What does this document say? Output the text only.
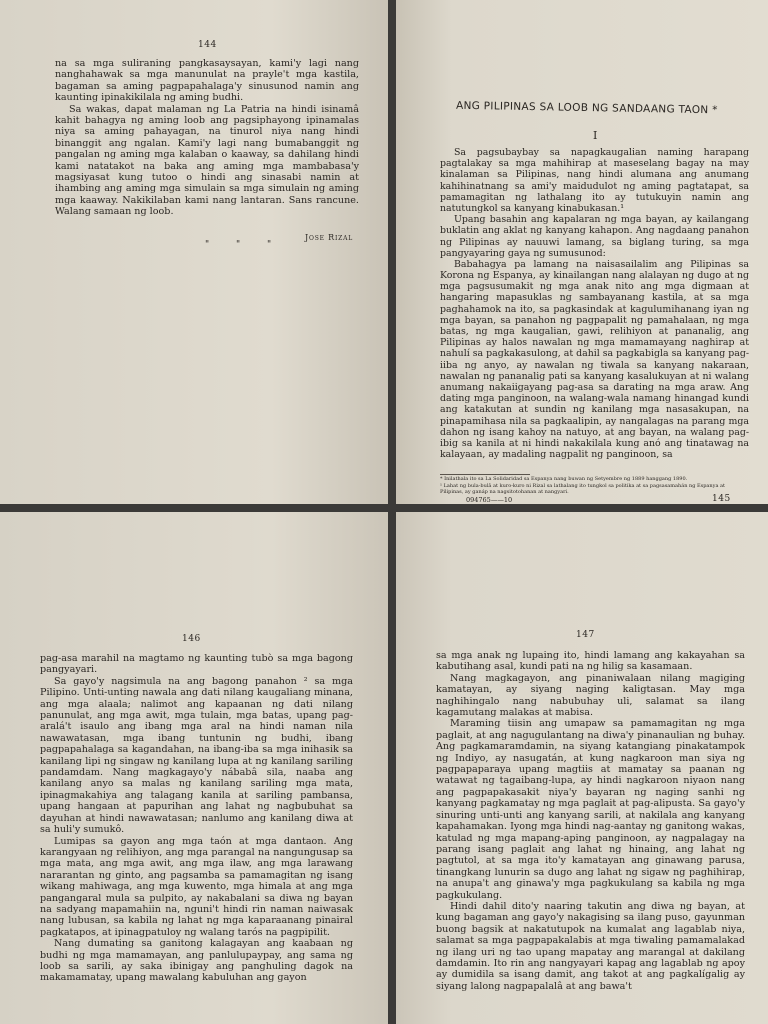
144

na sa mga suliraning pangkasaysayan, kami'y lagi nang nanghahawak sa mga manunulat na prayle't mga kastila, bagaman sa aming pagpapahalaga'y sinusunod namin ang kaunting ipinakikilala ng aming budhi.

Sa wakas, dapat malaman ng La Patria na hindi isinamâ kahit bahagya ng aming loob ang pagsiphayong ipinamalas niya sa aming pahayagan, na tinurol niya nang hindi binanggit ang ngalan. Kami'y lagi nang bumabanggit ng pangalan ng aming mga kalaban o kaaway, sa dahilang hindi kami natatakot na baka ang aming mga mambabasa'y magsiyasat kung tutoo o hindi ang sinasabi namin at ihambing ang aming mga simulain sa mga simulain ng aming mga kaaway. Nakikilaban kami nang lantaran. Sans rancune. Walang samaan ng loob.

" " "
Jose Rizal
ANG PILIPINAS SA LOOB NG SANDAANG TAON *
I

Sa pagsubaybay sa napagkaugalian naming harapang pagtalakay sa mga mahihirap at maseselang bagay na may kinalaman sa Pilipinas, nang hindi alumana ang anumang kahihinatnang sa ami'y maidudulot ng aming pagtatapat, sa pamamagitan ng lathalang ito ay tutukuyin namin ang natutungkol sa kanyang kinabukasan.¹

Upang basahin ang kapalaran ng mga bayan, ay kailangang buklatin ang aklat ng kanyang kahapon. Ang nagdaang panahon ng Pilipinas ay nauuwi lamang, sa biglang turing, sa mga pangyayaring gaya ng sumusunod:

Babahagya pa lamang na naisasailalim ang Pilipinas sa Korona ng Espanya, ay kinailangan nang alalayan ng dugo at ng mga pagsusumakit ng mga anak nito ang mga digmaan at hangaring mapasuklas ng sambayanang kastila, at sa mga paghahamok na ito, sa pagkasindak at kagulumihanang iyan ng mga bayan, sa panahon ng pagpapalit ng pamahalaan, ng mga batas, ng mga kaugalian, gawi, relihiyon at pananalig, ang Pilipinas ay halos nawalan ng mga mamamayang naghirap at nahulí sa pagkakasulong, at dahil sa pagkabigla sa kanyang pag-iiba ng anyo, ay nawalan ng tiwala sa kanyang nakaraan, nawalan ng pananalig pati sa kanyang kasalukuyan at ni walang anumang nakaiigayang pag-asa sa darating na mga araw. Ang dating mga panginoon, na walang-wala namang hinangad kundi ang katakutan at sundin ng kanilang mga nasasakupan, na pinapamihasa nila sa pagkaalipin, ay nangalagas na parang mga dahon ng isang kahoy na natuyo, at ang bayan, na walang pag-ibig sa kanila at ni hindi nakakilala kung anó ang tinatawag na kalayaan, ay madaling nagpalit ng panginoon, sa

* Inilathala ito sa La Solidaridad sa Espanya nang buwan ng Setyembre ng 1889 hanggang 1890.

¹ Lahat ng bula-bulâ at kuro-kuro ni Rizal sa lathalang ito tungkol sa politika at sa pagsasamahán ng Espanya at Pilipinas, ay ganáp na nagsitotohanan at nangyari.

094765——10	145
146

pag-asa marahil na magtamo ng kaunting tubò sa mga bagong pangyayari.

Sa gayo'y nagsimula na ang bagong panahon ² sa mga Pilipino. Unti-unting nawala ang dati nilang kaugaliang minana, ang mga alaala; nalimot ang kapaanan ng dati nilang panunulat, ang mga awit, mga tulain, mga batas, upang pag-aralá't isaulo ang ibang mga aral na hindi naman nila nawawatasan, mga ibang tuntunin ng budhi, ibang pagpapahalaga sa kagandahan, na ibang-iba sa mga inihasik sa kanilang lipi ng singaw ng kanilang lupa at ng kanilang sariling pandamdam. Nang magkagayo'y nábabâ sila, naaba ang kanilang anyo sa malas ng kanilang sariling mga mata, ipinagmakahiya ang talagang kanila at sariling pambansa, upang hangaan at papurihan ang lahat ng nagbubuhat sa dayuhan at hindi nawawatasan; nanlumo ang kanilang diwa at sa huli'y sumukô.

Lumipas sa gayon ang mga taón at mga dantaon. Ang karangyaan ng relihiyon, ang mga parangal na nangungusap sa mga mata, ang mga awit, ang mga ilaw, ang mga larawang nararantan ng ginto, ang pagsamba sa pamamagitan ng isang wikang mahiwaga, ang mga kuwento, mga himala at ang mga pangangaral mula sa pulpito, ay nakabalani sa diwa ng bayan na sadyang mapamahiin na, nguni't hindi rin naman naiwasak nang lubusan, sa kabila ng lahat ng mga kaparaanang pinairal pagkatapos, at ipinagpatuloy ng walang tarós na pagpipilit.

Nang dumating sa ganitong kalagayan ang kaabaan ng budhi ng mga mamamayan, ang panlulupaypay, ang sama ng loob sa sarili, ay saka ibinigay ang panghuling dagok na makamamatay, upang mawalang kabuluhan ang gayon

147

sa mga anak ng lupaing ito, hindi lamang ang kakayahan sa kabutihang asal, kundi pati na ng hilig sa kasamaan.

Nang magkagayon, ang pinaniwalaan nilang magiging kamatayan, ay siyang naging kaligtasan. May mga naghihingalo nang nabubuhay uli, salamat sa ilang kagamutang malakas at mabisa.

Maraming tiisin ang umapaw sa pamamagitan ng mga paglait, at ang nagugulantang na diwa'y pinanaulian ng buhay. Ang pagkamaramdamin, na siyang katangiang pinakatampok ng Indiyo, ay nasugatán, at kung nagkaroon man siya ng pagpapaparaya upang magtiis at mamatay sa paanan ng watawat ng tagaibang-lupa, ay hindi nagkaroon niyaon nang ang pagpapakasakit niya'y bayaran ng naging sanhi ng kanyang pagkamatay ng mga paglait at pag-alipusta. Sa gayo'y sinuring unti-unti ang kanyang sarili, at nakilala ang kanyang kapahamakan. Iyong mga hindi nag-aantay ng ganitong wakas, katulad ng mga mapang-aping panginoon, ay nagpalagay na parang isang paglait ang lahat ng hinaing, ang lahat ng pagtutol, at sa mga ito'y kamatayan ang ginawang parusa, tinangkang lunurin sa dugo ang lahat ng sigaw ng paghihirap, na anupa't ang ginawa'y mga pagkukulang sa kabila ng mga pagkukulang.

Hindi dahil dito'y naaring takutin ang diwa ng bayan, at kung bagaman ang gayo'y nakagising sa ilang puso, gayunman buong bagsik at nakatutupok na kumalat ang lagablab niya, salamat sa mga pagpapakalabis at mga tiwaling pamamalakad ng ilang uri ng tao upang mapatay ang marangal at dakilang damdamin. Ito rin ang nangyayari kapag ang lagablab ng apoy ay dumidila sa isang damit, ang takot at ang pagkalígalig ay siyang lalong nagpapalalâ at ang bawa't
